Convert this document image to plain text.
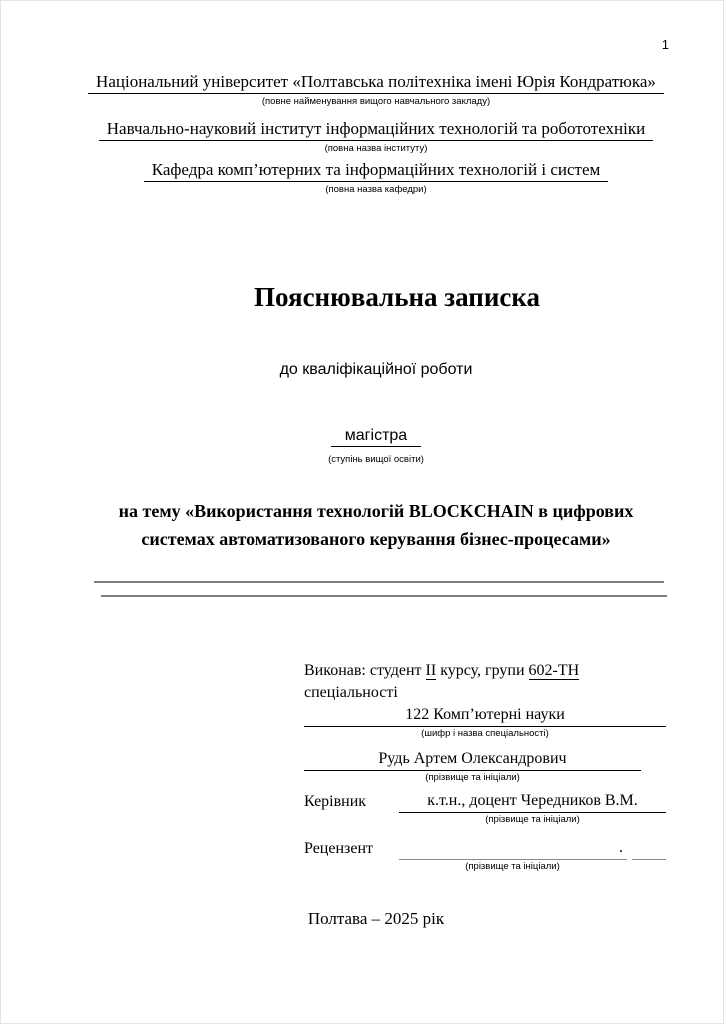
1
Національний університет «Полтавська політехніка імені Юрія Кондратюка»
(повне найменування вищого навчального закладу)
Навчально-науковий інститут інформаційних технологій та робототехніки
(повна назва інституту)
Кафедра комп’ютерних та інформаційних технологій і систем
(повна назва кафедри)
Пояснювальна записка
до кваліфікаційної роботи
магістра
(ступінь вищої освіти)
на тему «Використання технологій BLOCKCHAIN в цифрових
системах автоматизованого керування бізнес-процесами»
Виконав: студент ІІ курсу, групи 602-ТН
спеціальності
122 Комп’ютерні науки
(шифр і назва спеціальності)
Рудь Артем Олександрович
(прізвище та ініціали)
Керівник	к.т.н., доцент Чередников В.М.
(прізвище та ініціали)
Рецензент	.
(прізвище та ініціали)
Полтава – 2025 рік
